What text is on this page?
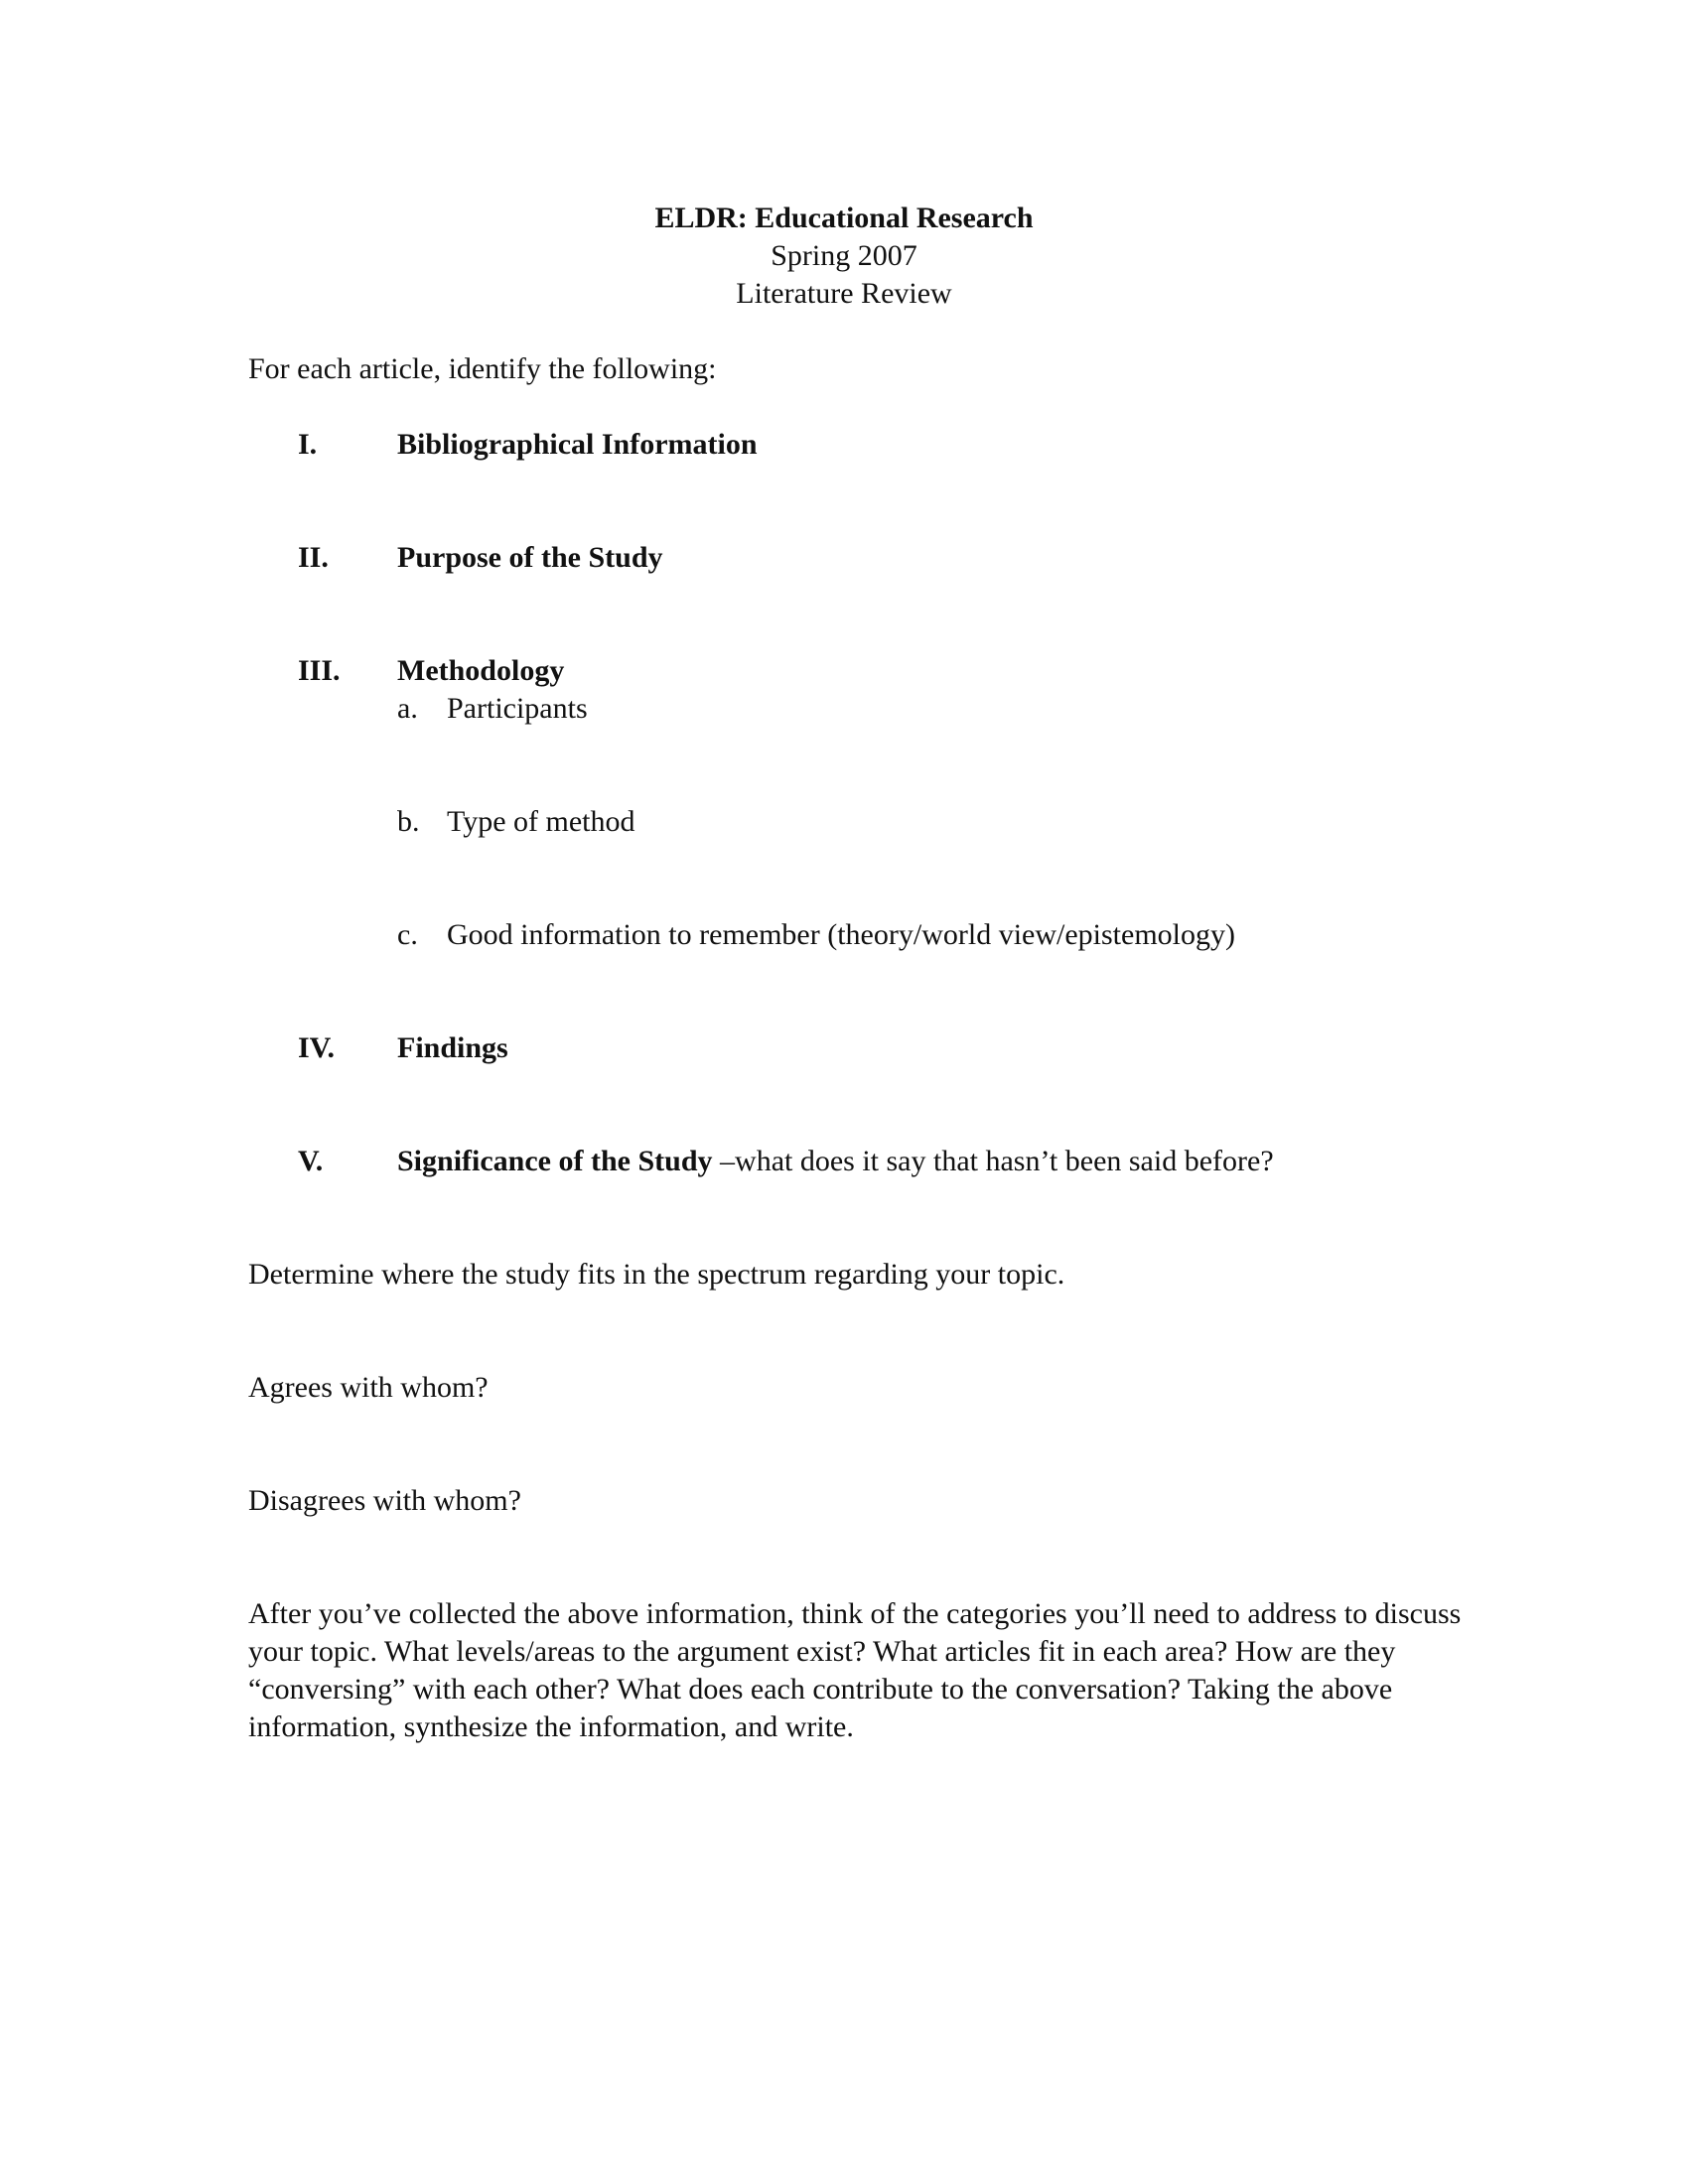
ELDR: Educational Research
Spring 2007
Literature Review
For each article, identify the following:
I.	Bibliographical Information
II. Purpose of the Study
III. Methodology
a. Participants
b. Type of method
c. Good information to remember (theory/world view/epistemology)
IV. Findings
V. Significance of the Study –what does it say that hasn’t been said before?
Determine where the study fits in the spectrum regarding your topic.
Agrees with whom?
Disagrees with whom?
After you’ve collected the above information, think of the categories you’ll need to address to discuss your topic. What levels/areas to the argument exist? What articles fit in each area? How are they “conversing” with each other? What does each contribute to the conversation? Taking the above information, synthesize the information, and write.
